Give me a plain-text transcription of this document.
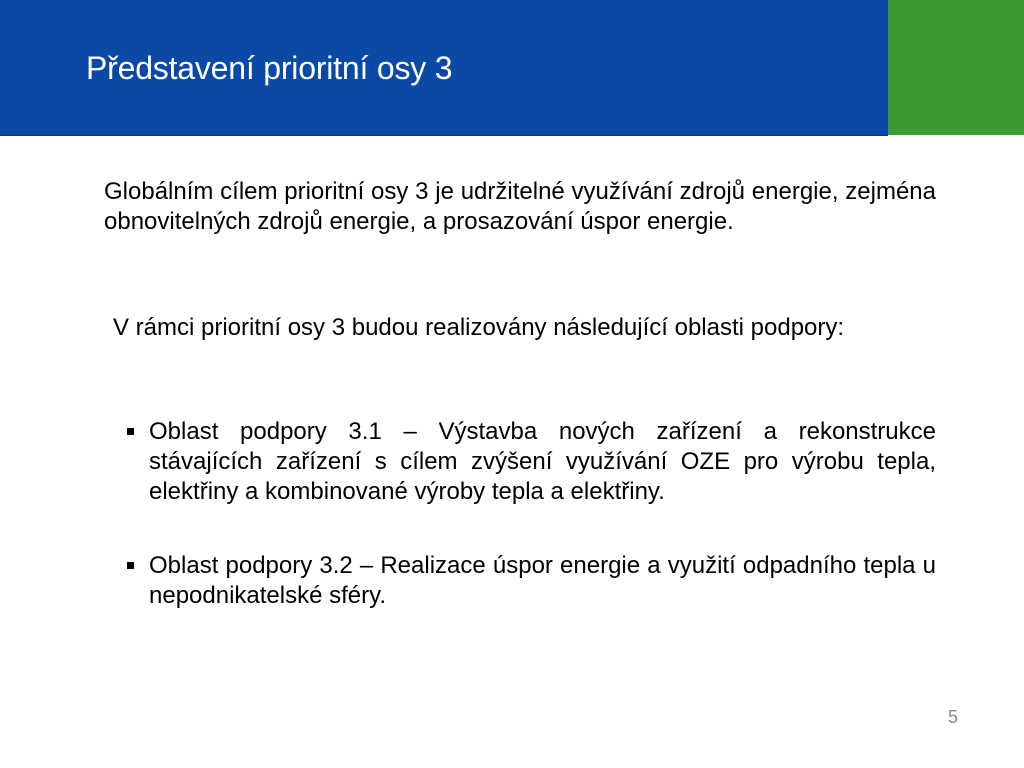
Představení prioritní osy 3
Globálním cílem prioritní osy 3 je udržitelné využívání zdrojů energie, zejména obnovitelných zdrojů energie, a prosazování úspor energie.
V rámci prioritní osy 3 budou realizovány následující oblasti podpory:
Oblast podpory 3.1 – Výstavba nových zařízení a rekonstrukce stávajících zařízení s cílem zvýšení využívání OZE pro výrobu tepla, elektřiny a kombinované výroby tepla a elektřiny.
Oblast podpory 3.2 – Realizace úspor energie a využití odpadního tepla u nepodnikatelské sféry.
5
